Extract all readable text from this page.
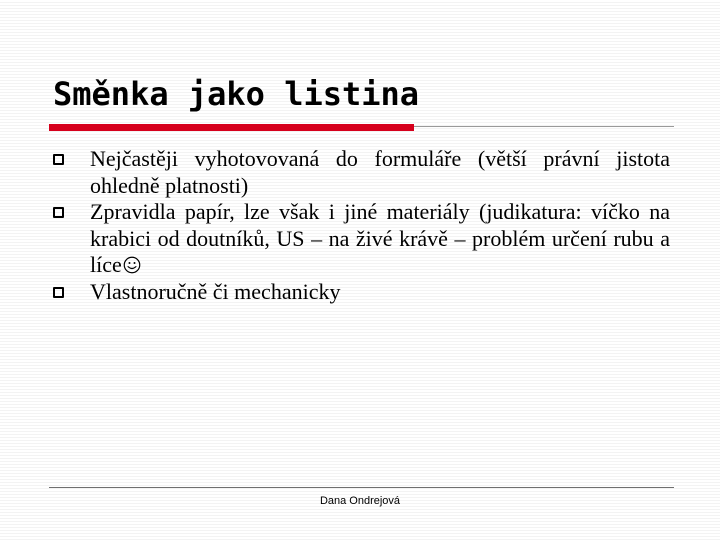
Směnka jako listina
Nejčastěji vyhotovovaná do formuláře (větší právní jistota ohledně platnosti)
Zpravidla papír, lze však i jiné materiály (judikatura: víčko na krabici od doutníků, US – na živé krávě – problém určení rubu a líce
Vlastnoručně či mechanicky
Dana Ondrejová
